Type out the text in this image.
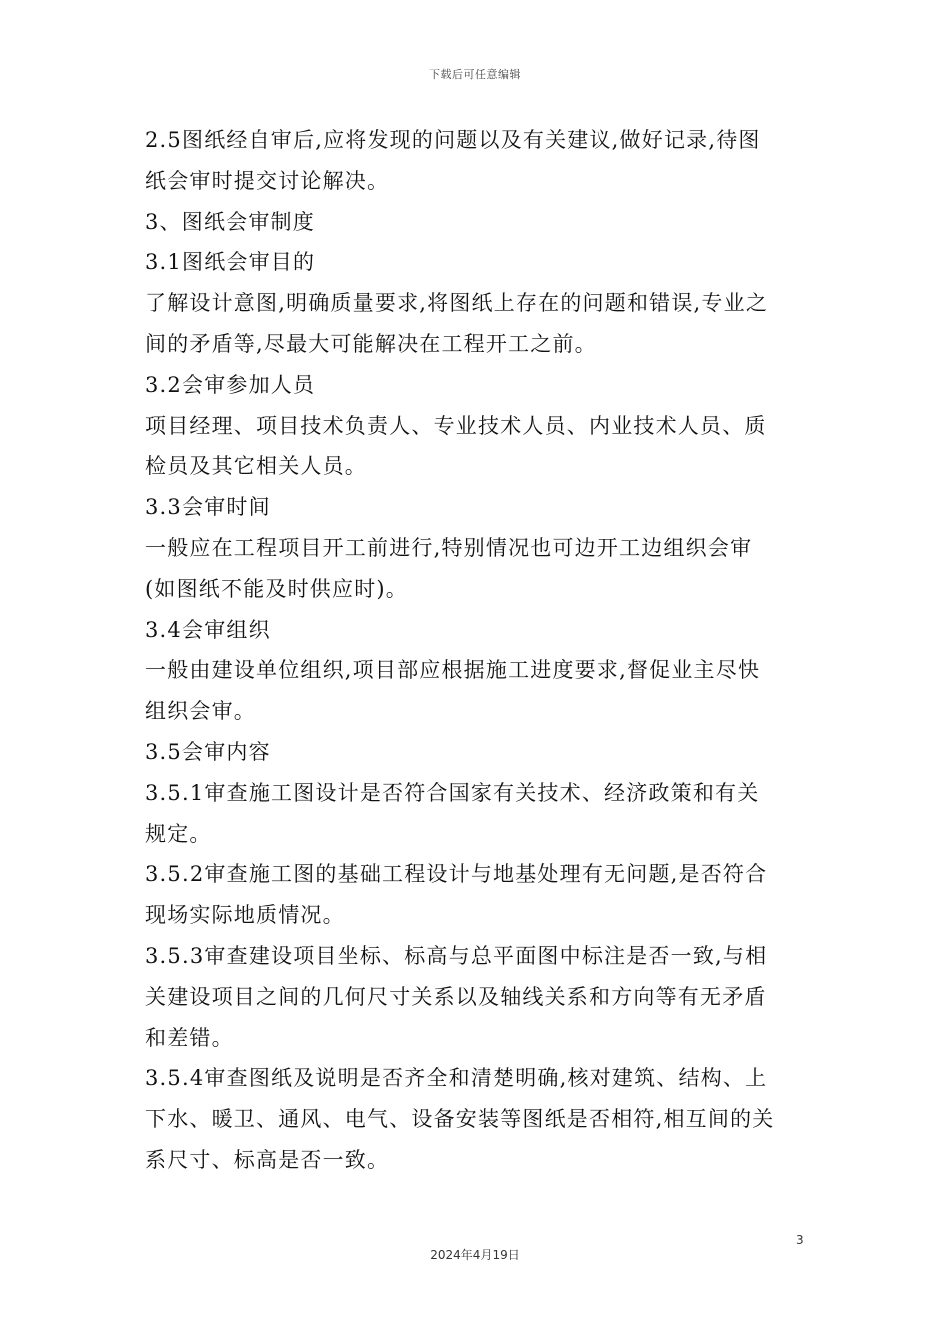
下载后可任意编辑
2.5图纸经自审后,应将发现的问题以及有关建议,做好记录,待图
纸会审时提交讨论解决。
3、图纸会审制度
3.1图纸会审目的
了解设计意图,明确质量要求,将图纸上存在的问题和错误,专业之
间的矛盾等,尽最大可能解决在工程开工之前。
3.2会审参加人员
项目经理、项目技术负责人、专业技术人员、内业技术人员、质
检员及其它相关人员。
3.3会审时间
一般应在工程项目开工前进行,特别情况也可边开工边组织会审
(如图纸不能及时供应时)。
3.4会审组织
一般由建设单位组织,项目部应根据施工进度要求,督促业主尽快
组织会审。
3.5会审内容
3.5.1审查施工图设计是否符合国家有关技术、经济政策和有关
规定。
3.5.2审查施工图的基础工程设计与地基处理有无问题,是否符合
现场实际地质情况。
3.5.3审查建设项目坐标、标高与总平面图中标注是否一致,与相
关建设项目之间的几何尺寸关系以及轴线关系和方向等有无矛盾
和差错。
3.5.4审查图纸及说明是否齐全和清楚明确,核对建筑、结构、上
下水、暖卫、通风、电气、设备安装等图纸是否相符,相互间的关
系尺寸、标高是否一致。
3
2024年4月19日
